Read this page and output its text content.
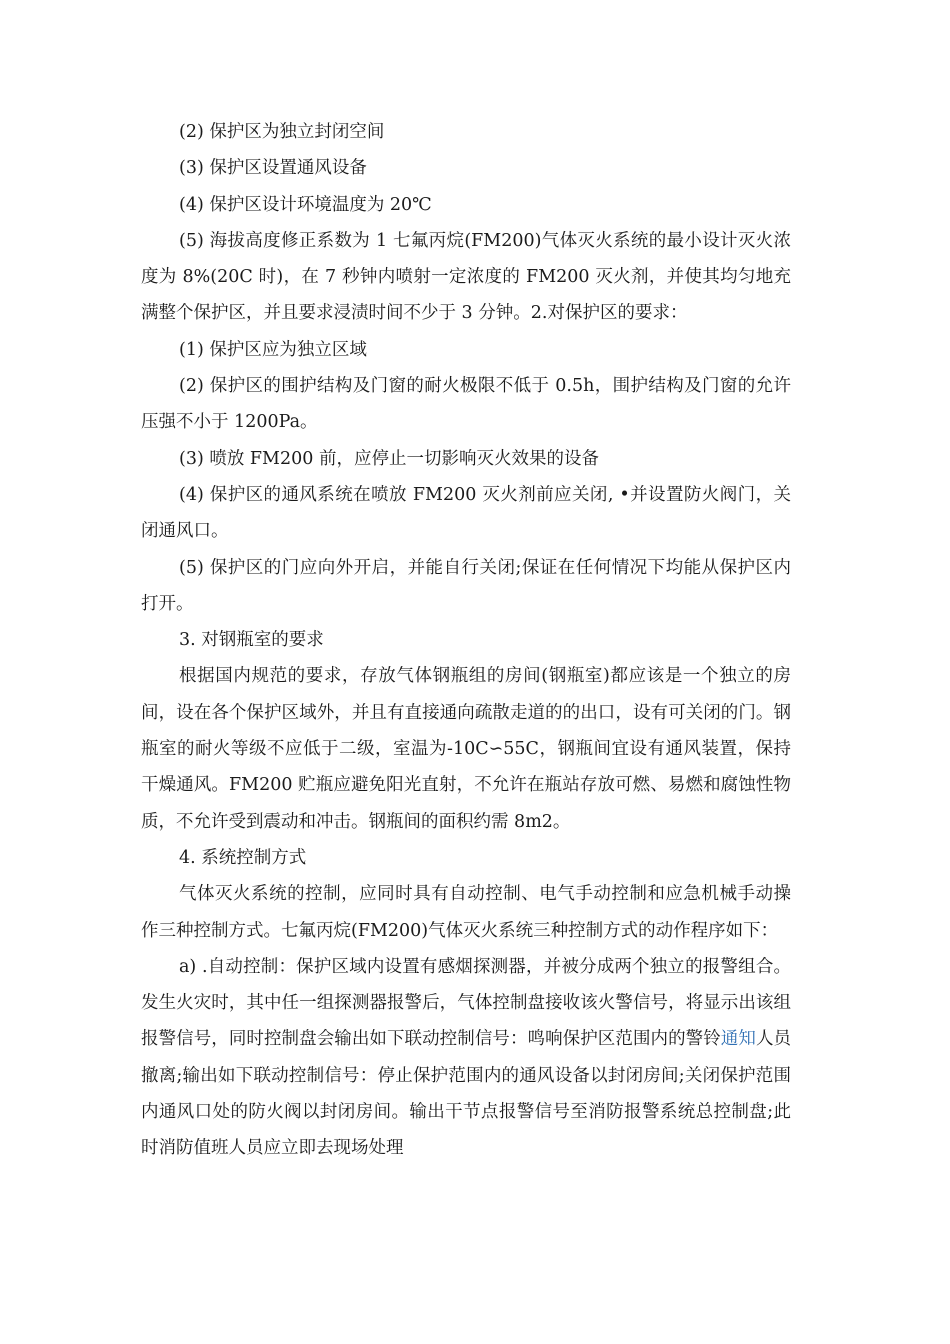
(2) 保护区为独立封闭空间

(3) 保护区设置通风设备

(4) 保护区设计环境温度为 20℃

(5) 海拔高度修正系数为 1 七氟丙烷(FM200)气体灭火系统的最小设计灭火浓度为 8%(20C 时)，在 7 秒钟内喷射一定浓度的 FM200 灭火剂，并使其均匀地充满整个保护区，并且要求浸渍时间不少于 3 分钟。2.对保护区的要求：

(1) 保护区应为独立区域

(2) 保护区的围护结构及门窗的耐火极限不低于 0.5h，围护结构及门窗的允许压强不小于 1200Pa。

(3) 喷放 FM200 前，应停止一切影响灭火效果的设备

(4) 保护区的通风系统在喷放 FM200 灭火剂前应关闭, •并设置防火阀门，关闭通风口。

(5) 保护区的门应向外开启，并能自行关闭;保证在任何情况下均能从保护区内打开。

3. 对钢瓶室的要求

根据国内规范的要求，存放气体钢瓶组的房间(钢瓶室)都应该是一个独立的房间，设在各个保护区域外，并且有直接通向疏散走道的的出口，设有可关闭的门。钢瓶室的耐火等级不应低于二级，室温为-10C∽55C，钢瓶间宜设有通风装置，保持干燥通风。FM200 贮瓶应避免阳光直射，不允许在瓶站存放可燃、易燃和腐蚀性物质，不允许受到震动和冲击。钢瓶间的面积约需 8m2。

4. 系统控制方式

气体灭火系统的控制，应同时具有自动控制、电气手动控制和应急机械手动操作三种控制方式。七氟丙烷(FM200)气体灭火系统三种控制方式的动作程序如下：

a) .自动控制：保护区域内设置有感烟探测器，并被分成两个独立的报警组合。发生火灾时，其中任一组探测器报警后，气体控制盘接收该火警信号，将显示出该组报警信号，同时控制盘会输出如下联动控制信号：鸣响保护区范围内的警铃通知人员撤离;输出如下联动控制信号：停止保护范围内的通风设备以封闭房间;关闭保护范围内通风口处的防火阀以封闭房间。输出干节点报警信号至消防报警系统总控制盘;此时消防值班人员应立即去现场处理
